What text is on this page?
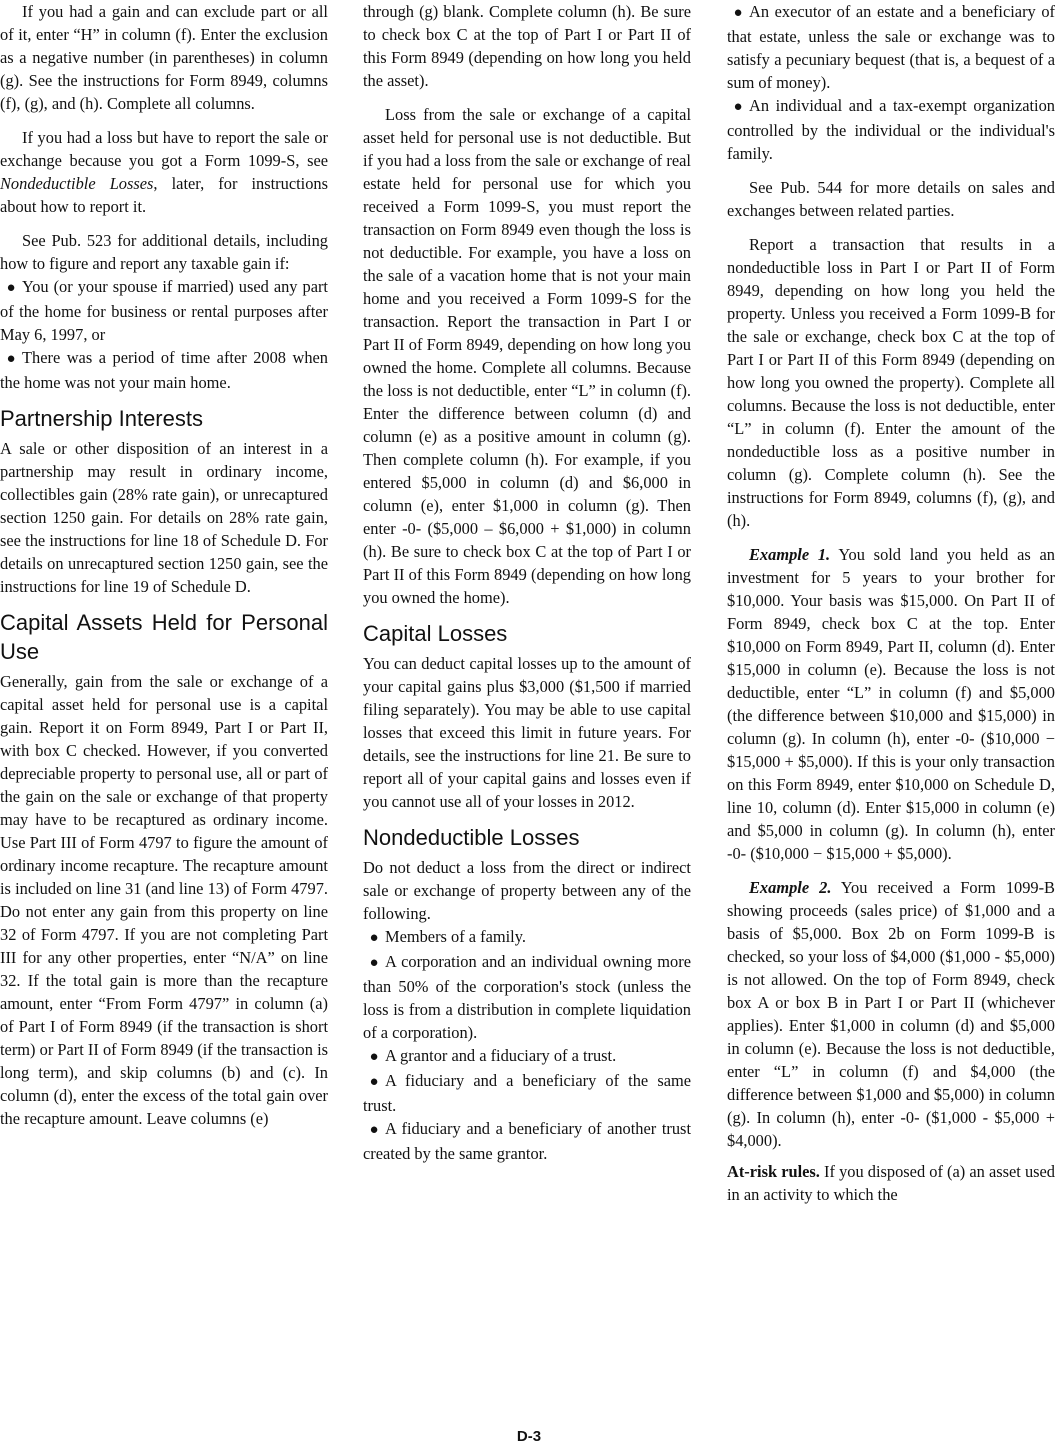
If you had a gain and can exclude part or all of it, enter “H” in column (f). Enter the exclusion as a negative number (in parentheses) in column (g). See the instructions for Form 8949, columns (f), (g), and (h). Complete all columns.

If you had a loss but have to report the sale or exchange because you got a Form 1099-S, see Nondeductible Losses, later, for instructions about how to report it.

See Pub. 523 for additional details, including how to figure and report any taxable gain if:

● You (or your spouse if married) used any part of the home for business or rental purposes after May 6, 1997, or

● There was a period of time after 2008 when the home was not your main home.

Partnership Interests

A sale or other disposition of an interest in a partnership may result in ordinary income, collectibles gain (28% rate gain), or unrecaptured section 1250 gain. For details on 28% rate gain, see the instructions for line 18 of Schedule D. For details on unrecaptured section 1250 gain, see the instructions for line 19 of Schedule D.

Capital Assets Held for Personal Use

Generally, gain from the sale or exchange of a capital asset held for personal use is a capital gain. Report it on Form 8949, Part I or Part II, with box C checked. However, if you converted depreciable property to personal use, all or part of the gain on the sale or exchange of that property may have to be recaptured as ordinary income. Use Part III of Form 4797 to figure the amount of ordinary income recapture. The recapture amount is included on line 31 (and line 13) of Form 4797. Do not enter any gain from this property on line 32 of Form 4797. If you are not completing Part III for any other properties, enter “N/A” on line 32. If the total gain is more than the recapture amount, enter “From Form 4797” in column (a) of Part I of Form 8949 (if the transaction is short term) or Part II of Form 8949 (if the transaction is long term), and skip columns (b) and (c). In column (d), enter the excess of the total gain over the recapture amount. Leave columns (e)

through (g) blank. Complete column (h). Be sure to check box C at the top of Part I or Part II of this Form 8949 (depending on how long you held the asset).

Loss from the sale or exchange of a capital asset held for personal use is not deductible. But if you had a loss from the sale or exchange of real estate held for personal use for which you received a Form 1099-S, you must report the transaction on Form 8949 even though the loss is not deductible. For example, you have a loss on the sale of a vacation home that is not your main home and you received a Form 1099-S for the transaction. Report the transaction in Part I or Part II of Form 8949, depending on how long you owned the home. Complete all columns. Because the loss is not deductible, enter “L” in column (f). Enter the difference between column (d) and column (e) as a positive amount in column (g). Then complete column (h). For example, if you entered $5,000 in column (d) and $6,000 in column (e), enter $1,000 in column (g). Then enter -0- ($5,000 – $6,000 + $1,000) in column (h). Be sure to check box C at the top of Part I or Part II of this Form 8949 (depending on how long you owned the home).

Capital Losses

You can deduct capital losses up to the amount of your capital gains plus $3,000 ($1,500 if married filing separately). You may be able to use capital losses that exceed this limit in future years. For details, see the instructions for line 21. Be sure to report all of your capital gains and losses even if you cannot use all of your losses in 2012.

Nondeductible Losses

Do not deduct a loss from the direct or indirect sale or exchange of property between any of the following.

● Members of a family.

● A corporation and an individual owning more than 50% of the corporation's stock (unless the loss is from a distribution in complete liquidation of a corporation).

● A grantor and a fiduciary of a trust.

● A fiduciary and a beneficiary of the same trust.

● A fiduciary and a beneficiary of another trust created by the same grantor.

● An executor of an estate and a beneficiary of that estate, unless the sale or exchange was to satisfy a pecuniary bequest (that is, a bequest of a sum of money).

● An individual and a tax-exempt organization controlled by the individual or the individual's family.

See Pub. 544 for more details on sales and exchanges between related parties.

Report a transaction that results in a nondeductible loss in Part I or Part II of Form 8949, depending on how long you held the property. Unless you received a Form 1099-B for the sale or exchange, check box C at the top of Part I or Part II of this Form 8949 (depending on how long you owned the property). Complete all columns. Because the loss is not deductible, enter “L” in column (f). Enter the amount of the nondeductible loss as a positive number in column (g). Complete column (h). See the instructions for Form 8949, columns (f), (g), and (h).

Example 1. You sold land you held as an investment for 5 years to your brother for $10,000. Your basis was $15,000. On Part II of Form 8949, check box C at the top. Enter $10,000 on Form 8949, Part II, column (d). Enter $15,000 in column (e). Because the loss is not deductible, enter “L” in column (f) and $5,000 (the difference between $10,000 and $15,000) in column (g). In column (h), enter -0- ($10,000 − $15,000 + $5,000). If this is your only transaction on this Form 8949, enter $10,000 on Schedule D, line 10, column (d). Enter $15,000 in column (e) and $5,000 in column (g). In column (h), enter -0- ($10,000 − $15,000 + $5,000).

Example 2. You received a Form 1099-B showing proceeds (sales price) of $1,000 and a basis of $5,000. Box 2b on Form 1099-B is checked, so your loss of $4,000 ($1,000 - $5,000) is not allowed. On the top of Form 8949, check box A or box B in Part I or Part II (whichever applies). Enter $1,000 in column (d) and $5,000 in column (e). Because the loss is not deductible, enter “L” in column (f) and $4,000 (the difference between $1,000 and $5,000) in column (g). In column (h), enter -0- ($1,000 - $5,000 + $4,000).

At-risk rules. If you disposed of (a) an asset used in an activity to which the

D-3
